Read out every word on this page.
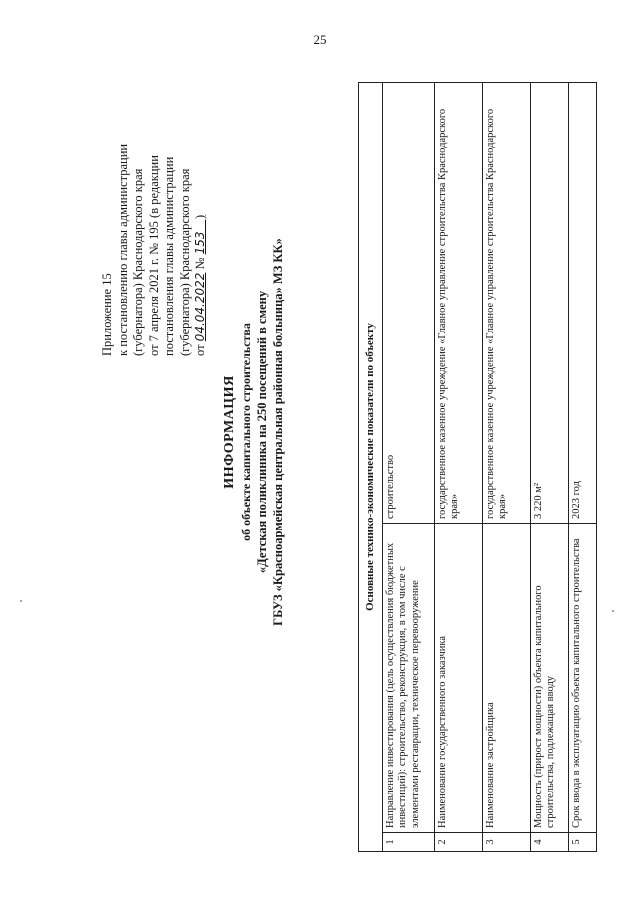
25
Приложение 15 к постановлению главы администрации (губернатора) Краснодарского края от 7 апреля 2021 г. № 195 (в редакции постановления главы администрации (губернатора) Краснодарского края от 04.04.2022 № 153    )
ИНФОРМАЦИЯ об объекте капитального строительства «Детская поликлиника на 250 посещений в смену ГБУЗ «Красноармейская центральная районная больница» МЗ КК»	Основные технико-экономические показатели по объекту		
1	Направление инвестирования (цель осуществления бюджетных инвестиций): строительство, реконструкция, в том числе с элементами реставрации, техническое перевооружение	строительство
2	Наименование государственного заказчика	государственное казенное учреждение «Главное управление строительства Краснодарского края»
3	Наименование застройщика	государственное казенное учреждение «Главное управление строительства Краснодарского края»
4	Мощность (прирост мощности) объекта капитального строительства, подлежащая вводу	3 220 м²
5	Срок ввода в эксплуатацию объекта капитального строительства	2023 год
